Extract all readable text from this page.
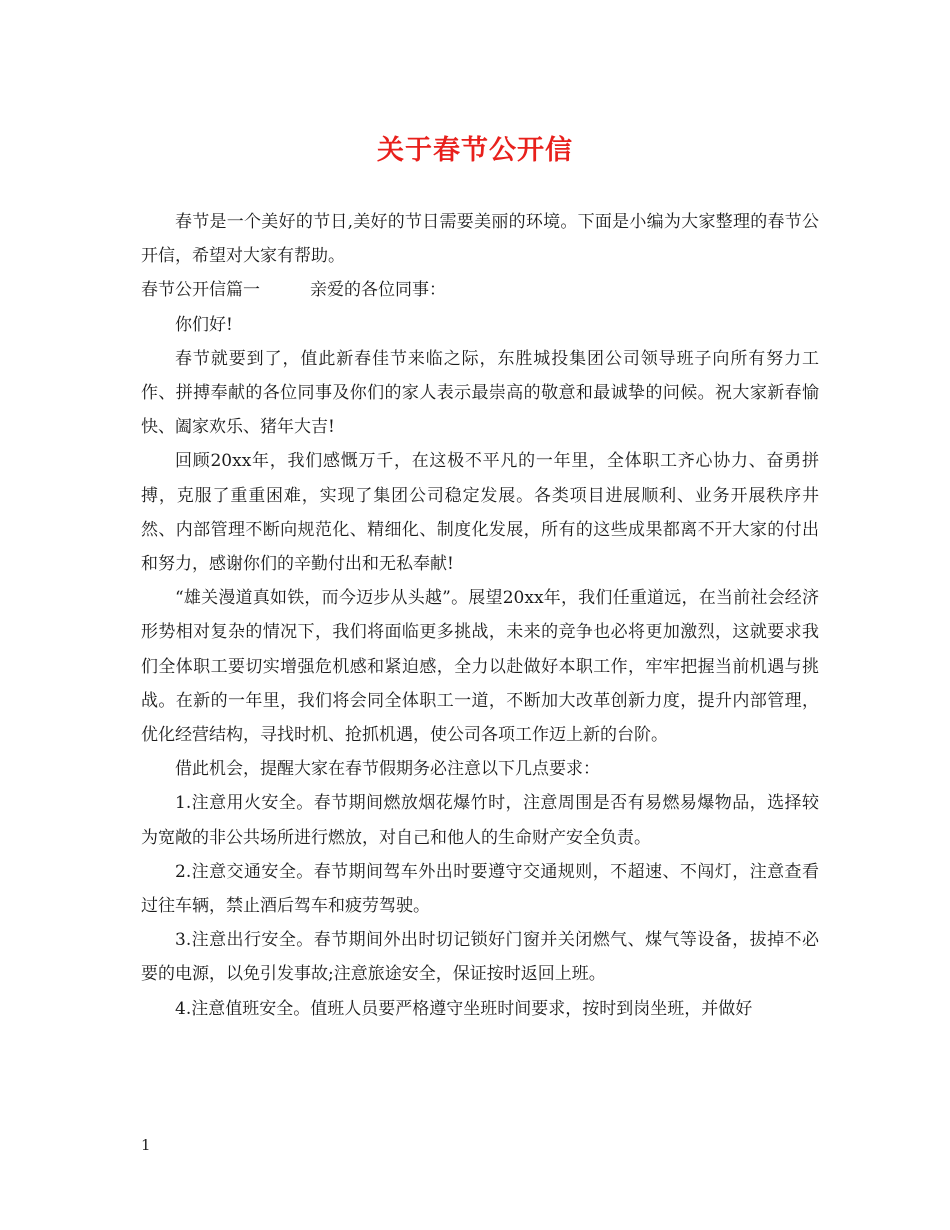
关于春节公开信

春节是一个美好的节日,美好的节日需要美丽的环境。下面是小编为大家整理的春节公开信，希望对大家有帮助。

春节公开信篇一	亲爱的各位同事：

你们好!

春节就要到了，值此新春佳节来临之际，东胜城投集团公司领导班子向所有努力工作、拼搏奉献的各位同事及你们的家人表示最崇高的敬意和最诚挚的问候。祝大家新春愉快、阖家欢乐、猪年大吉!

回顾20xx年，我们感慨万千，在这极不平凡的一年里，全体职工齐心协力、奋勇拼搏，克服了重重困难，实现了集团公司稳定发展。各类项目进展顺利、业务开展秩序井然、内部管理不断向规范化、精细化、制度化发展，所有的这些成果都离不开大家的付出和努力，感谢你们的辛勤付出和无私奉献!

“雄关漫道真如铁，而今迈步从头越”。展望20xx年，我们任重道远，在当前社会经济形势相对复杂的情况下，我们将面临更多挑战，未来的竞争也必将更加激烈，这就要求我们全体职工要切实增强危机感和紧迫感，全力以赴做好本职工作，牢牢把握当前机遇与挑战。在新的一年里，我们将会同全体职工一道，不断加大改革创新力度，提升内部管理，优化经营结构，寻找时机、抢抓机遇，使公司各项工作迈上新的台阶。

借此机会，提醒大家在春节假期务必注意以下几点要求：

1.注意用火安全。春节期间燃放烟花爆竹时，注意周围是否有易燃易爆物品，选择较为宽敞的非公共场所进行燃放，对自己和他人的生命财产安全负责。

2.注意交通安全。春节期间驾车外出时要遵守交通规则，不超速、不闯灯，注意查看过往车辆，禁止酒后驾车和疲劳驾驶。

3.注意出行安全。春节期间外出时切记锁好门窗并关闭燃气、煤气等设备，拔掉不必要的电源，以免引发事故;注意旅途安全，保证按时返回上班。

4.注意值班安全。值班人员要严格遵守坐班时间要求，按时到岗坐班，并做好

1
